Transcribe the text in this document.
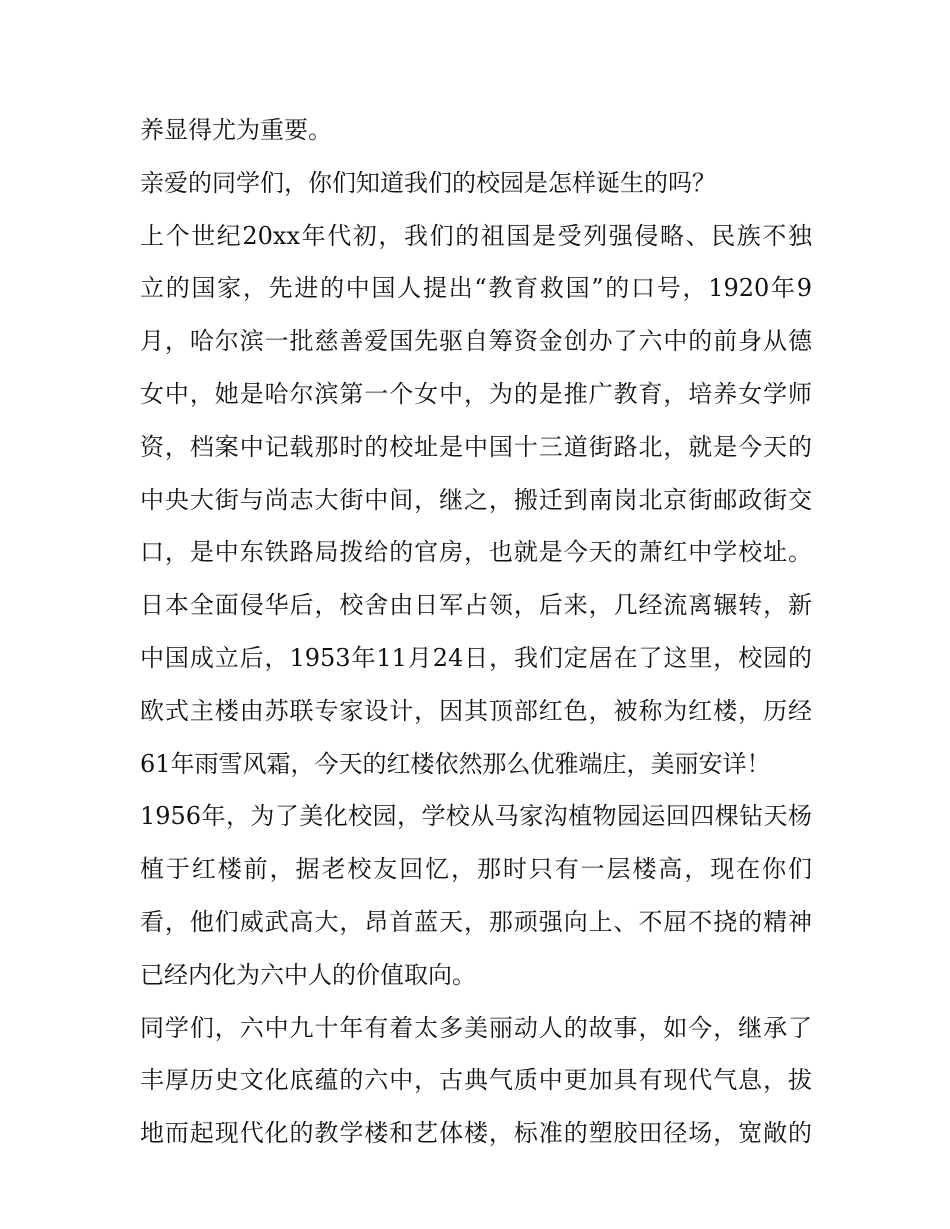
养显得尤为重要。
亲爱的同学们，你们知道我们的校园是怎样诞生的吗？
上个世纪20xx年代初，我们的祖国是受列强侵略、民族不独
立的国家，先进的中国人提出“教育救国”的口号，1920年9
月，哈尔滨一批慈善爱国先驱自筹资金创办了六中的前身从德
女中，她是哈尔滨第一个女中，为的是推广教育，培养女学师
资，档案中记载那时的校址是中国十三道街路北，就是今天的
中央大街与尚志大街中间，继之，搬迁到南岗北京街邮政街交
口，是中东铁路局拨给的官房，也就是今天的萧红中学校址。
日本全面侵华后，校舍由日军占领，后来，几经流离辗转，新
中国成立后，1953年11月24日，我们定居在了这里，校园的
欧式主楼由苏联专家设计，因其顶部红色，被称为红楼，历经
61年雨雪风霜，今天的红楼依然那么优雅端庄，美丽安详！
1956年，为了美化校园，学校从马家沟植物园运回四棵钻天杨
植于红楼前，据老校友回忆，那时只有一层楼高，现在你们
看，他们威武高大，昂首蓝天，那顽强向上、不屈不挠的精神
已经内化为六中人的价值取向。
同学们，六中九十年有着太多美丽动人的故事，如今，继承了
丰厚历史文化底蕴的六中，古典气质中更加具有现代气息，拔
地而起现代化的教学楼和艺体楼，标准的塑胶田径场，宽敞的
